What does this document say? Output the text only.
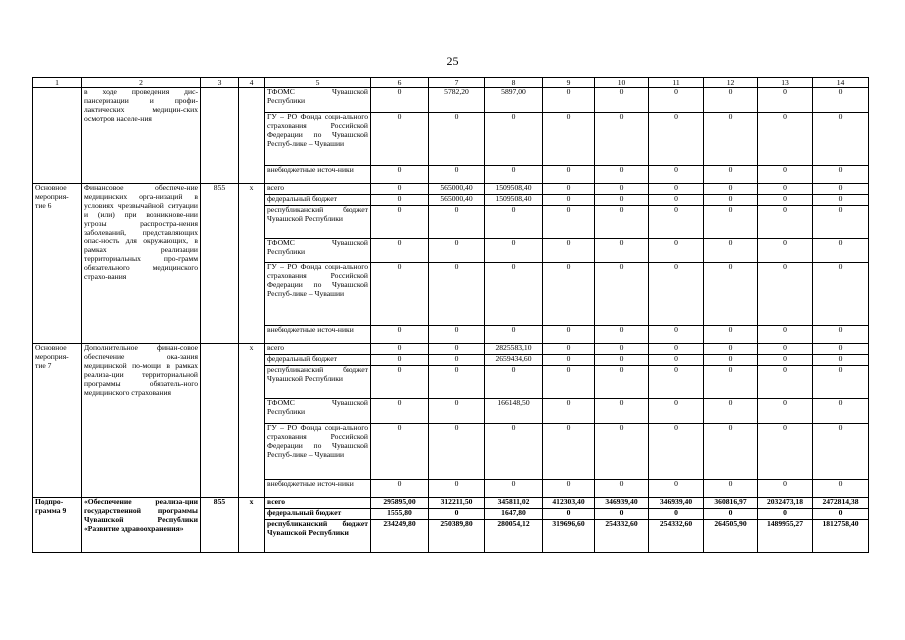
25
1	2	3	4	5	6	7	8	9	10	11	12	13	14
	в ходе проведения дис-пансеризации и профи-лактических медицин-ских осмотров населе-ния			ТФОМС Чувашской Республики	0	5782,20	5897,00	0	0	0	0	0	0
				ГУ – РО Фонда соци-ального страхования Российской Федерации по Чувашской Респуб-лике – Чувашии	0	0	0	0	0	0	0	0	0
				внебюджетные источ-ники	0	0	0	0	0	0	0	0	0
Основное мероприя-тие 6	Финансовое обеспече-ние медицинских орга-низаций в условиях чрезвычайной ситуации и (или) при возникнове-нии угрозы распростра-нения заболеваний, представляющих опас-ность для окружающих, в рамках реализации территориальных про-грамм обязательного медицинского страхо-вания	855	x	всего	0	565000,40	1509508,40	0	0	0	0	0	0
				федеральный бюджет	0	565000,40	1509508,40	0	0	0	0	0	0
				республиканский бюджет Чувашской Республики	0	0	0	0	0	0	0	0	0
				ТФОМС Чувашской Республики	0	0	0	0	0	0	0	0	0
				ГУ – РО Фонда соци-ального страхования Российской Федерации по Чувашской Респуб-лике – Чувашии	0	0	0	0	0	0	0	0	0
				внебюджетные источ-ники	0	0	0	0	0	0	0	0	0
Основное мероприя-тие 7	Дополнительное финан-совое обеспечение ока-зания медицинской по-мощи в рамках реализа-ции территориальной программы обязатель-ного медицинского страхования		x	всего	0	0	2825583,10	0	0	0	0	0	0
				федеральный бюджет	0	0	2659434,60	0	0	0	0	0	0
				республиканский бюджет Чувашской Республики	0	0	0	0	0	0	0	0	0
				ТФОМС Чувашской Республики	0	0	166148,50	0	0	0	0	0	0
				ГУ – РО Фонда соци-ального страхования Российской Федерации по Чувашской Респуб-лике – Чувашии	0	0	0	0	0	0	0	0	0
				внебюджетные источ-ники	0	0	0	0	0	0	0	0	0
Подпро-грамма 9	«Обеспечение реализа-ции государственной программы Чувашской Республики «Развитие здравоохранения»	855	x	всего	295895,00	312211,50	345811,02	412303,40	346939,40	346939,40	360816,97	2032473,18	2472814,38
				федеральный бюджет	1555,80	0	1647,80	0	0	0	0	0	0
				республиканский бюджет Чувашской Республики	234249,80	250389,80	280054,12	319696,60	254332,60	254332,60	264505,90	1489955,27	1812758,40
